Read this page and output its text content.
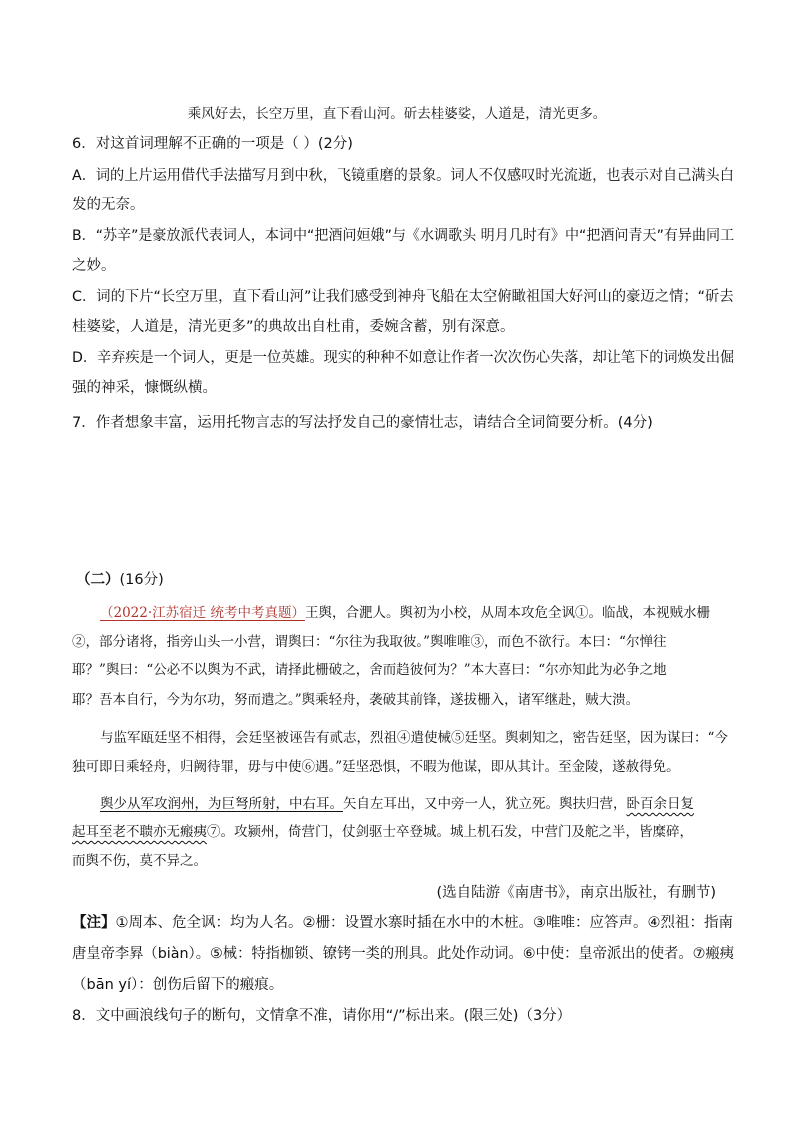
乘风好去，长空万里，直下看山河。斫去桂婆娑，人道是，清光更多。
6．对这首词理解不正确的一项是（ ）(2分)
A．词的上片运用借代手法描写月到中秋，飞镜重磨的景象。词人不仅感叹时光流逝，也表示对自己满头白
发的无奈。
B．“苏辛”是豪放派代表词人，本词中“把酒问姮娥”与《水调歌头 明月几时有》中“把酒问青天”有异曲同工
之妙。
C．词的下片“长空万里，直下看山河”让我们感受到神舟飞船在太空俯瞰祖国大好河山的豪迈之情；“斫去
桂婆娑，人道是，清光更多”的典故出自杜甫，委婉含蓄，别有深意。
D．辛弃疾是一个词人，更是一位英雄。现实的种种不如意让作者一次次伤心失落，却让笔下的词焕发出倔
强的神采，慷慨纵横。
7．作者想象丰富，运用托物言志的写法抒发自己的豪情壮志，请结合全词简要分析。(4分)
（二）(16分)
（2022·江苏宿迁 统考中考真题）王舆，合淝人。舆初为小校，从周本攻危全讽①。临战，本视贼水栅
②，部分诸将，指旁山头一小营，谓舆曰：“尔往为我取彼。”舆唯唯③，而色不欲行。本曰：“尔惮往
耶？”舆曰：“公必不以舆为不武，请择此栅破之，舍而趋彼何为？”本大喜曰：“尔亦知此为必争之地
耶？吾本自行，今为尔功，努而遣之。”舆乘轻舟，袭破其前锋，遂拔栅入，诸军继赴，贼大溃。
与监军瓯廷坚不相得，会廷坚被诬告有贰志，烈祖④遣使械⑤廷坚。舆刺知之，密告廷坚，因为谋曰：“今
独可即日乘轻舟，归阙待罪，毋与中使⑥遇。”廷坚恐惧，不暇为他谋，即从其计。至金陵，遂赦得免。
舆少从军攻润州，为巨弩所射，中右耳。矢自左耳出，又中旁一人，犹立死。舆扶归营，卧百余日复
起耳至老不聩亦无瘢痍⑦。攻颍州，倚营门，仗剑驱士卒登城。城上机石发，中营门及舵之半，皆糜碎，
而舆不伤，莫不异之。
(选自陆游《南唐书》，南京出版社，有删节)
【注】①周本、危全讽：均为人名。②栅：设置水寨时插在水中的木桩。③唯唯：应答声。④烈祖：指南
唐皇帝李昪（biàn）。⑤械：特指枷锁、镣铐一类的刑具。此处作动词。⑥中使：皇帝派出的使者。⑦瘢痍
（bān yí）：创伤后留下的瘢痕。
8．文中画浪线句子的断句，文情拿不准，请你用“/”标出来。(限三处)（3分）
